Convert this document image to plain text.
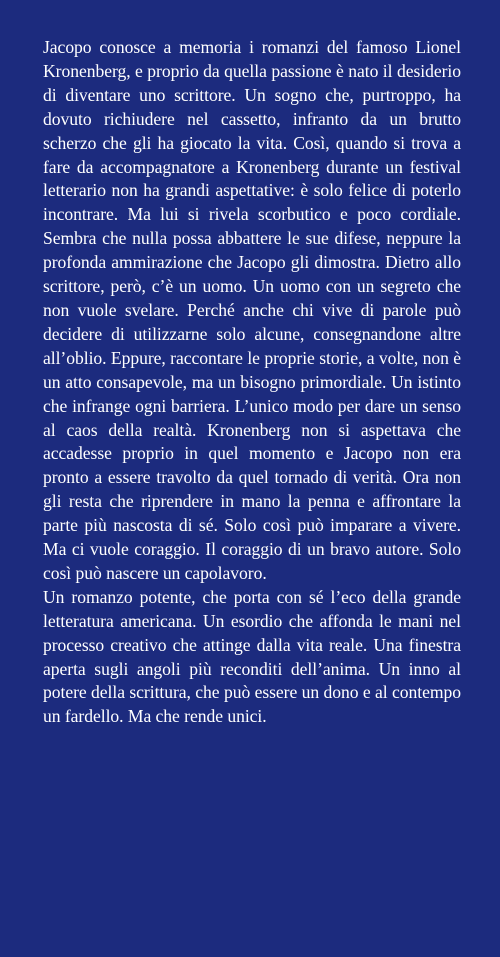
Jacopo conosce a memoria i romanzi del famoso Lionel Kronenberg, e proprio da quella passione è nato il desiderio di diventare uno scrittore. Un sogno che, purtroppo, ha dovuto richiudere nel cassetto, infranto da un brutto scherzo che gli ha giocato la vita. Così, quando si trova a fare da accompagnatore a Kronenberg durante un festival letterario non ha grandi aspettative: è solo felice di poterlo incontrare. Ma lui si rivela scorbutico e poco cordiale. Sembra che nulla possa abbattere le sue difese, neppure la profonda ammirazione che Jacopo gli dimostra. Dietro allo scrittore, però, c’è un uomo. Un uomo con un segreto che non vuole svelare. Perché anche chi vive di parole può decidere di utilizzarne solo alcune, consegnandone altre all’oblio. Eppure, raccontare le proprie storie, a volte, non è un atto consapevole, ma un bisogno primordiale. Un istinto che infrange ogni barriera. L’unico modo per dare un senso al caos della realtà. Kronenberg non si aspettava che accadesse proprio in quel momento e Jacopo non era pronto a essere travolto da quel tornado di verità. Ora non gli resta che riprendere in mano la penna e affrontare la parte più nascosta di sé. Solo così può imparare a vivere. Ma ci vuole coraggio. Il coraggio di un bravo autore. Solo così può nascere un capolavoro.

Un romanzo potente, che porta con sé l’eco della grande letteratura americana. Un esordio che affonda le mani nel processo creativo che attinge dalla vita reale. Una finestra aperta sugli angoli più reconditi dell’anima. Un inno al potere della scrittura, che può essere un dono e al contempo un fardello. Ma che rende unici.
